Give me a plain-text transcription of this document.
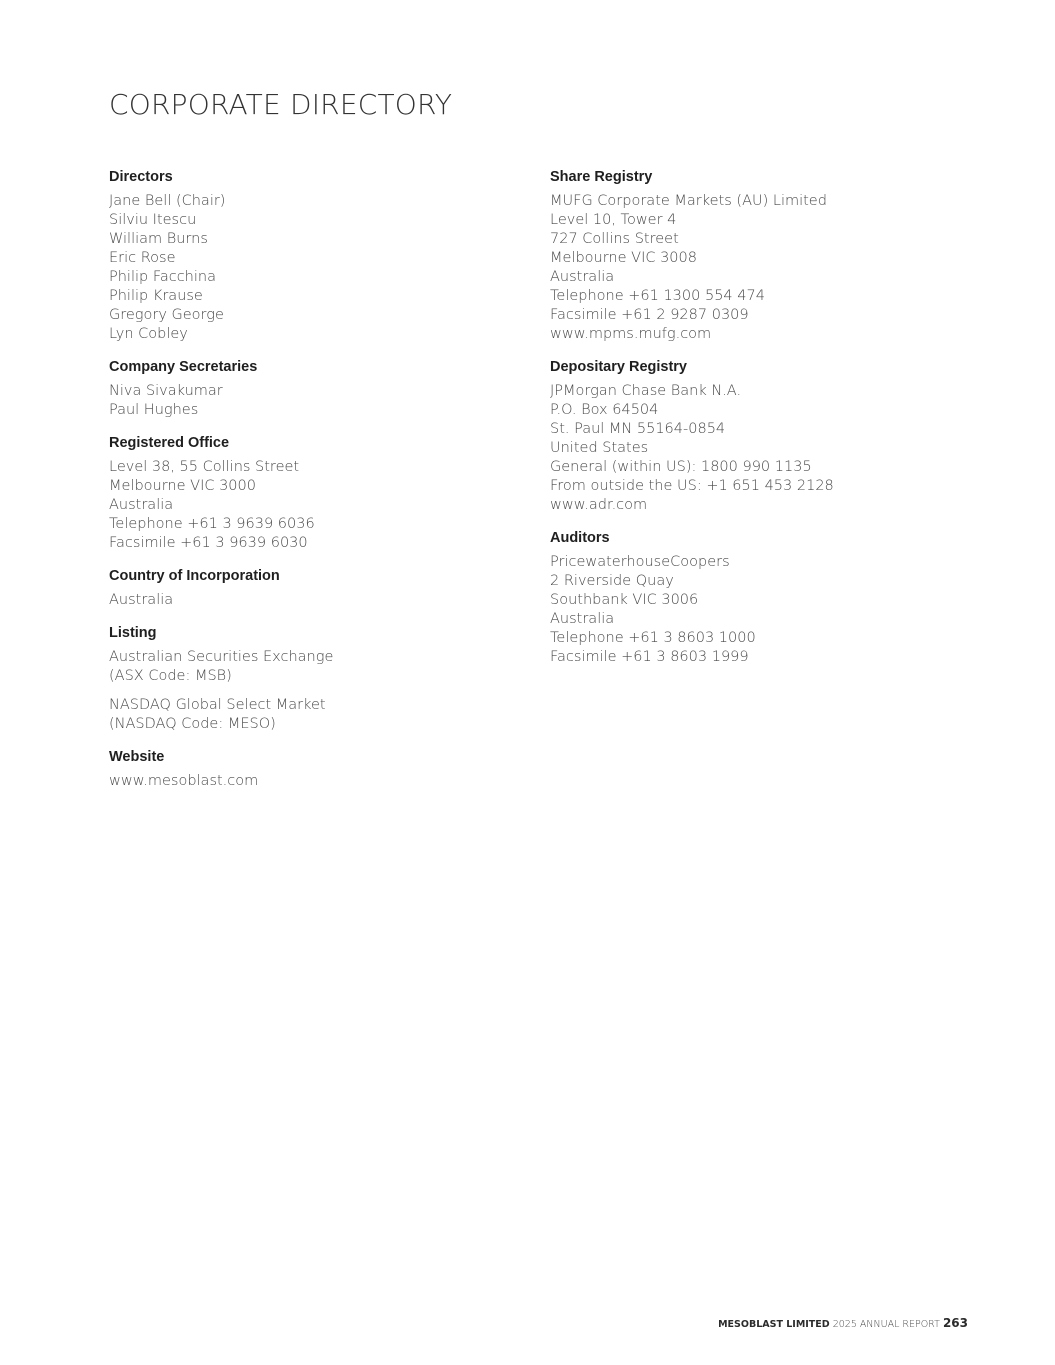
CORPORATE DIRECTORY
Directors
Jane Bell (Chair)
Silviu Itescu
William Burns
Eric Rose
Philip Facchina
Philip Krause
Gregory George
Lyn Cobley
Company Secretaries
Niva Sivakumar
Paul Hughes
Registered Office
Level 38, 55 Collins Street
Melbourne VIC 3000
Australia
Telephone +61 3 9639 6036
Facsimile +61 3 9639 6030
Country of Incorporation
Australia
Listing
Australian Securities Exchange
(ASX Code: MSB)
NASDAQ Global Select Market
(NASDAQ Code: MESO)
Website
www.mesoblast.com
Share Registry
MUFG Corporate Markets (AU) Limited
Level 10, Tower 4
727 Collins Street
Melbourne VIC 3008
Australia
Telephone +61 1300 554 474
Facsimile +61 2 9287 0309
www.mpms.mufg.com
Depositary Registry
JPMorgan Chase Bank N.A.
P.O. Box 64504
St. Paul MN 55164-0854
United States
General (within US): 1800 990 1135
From outside the US: +1 651 453 2128
www.adr.com
Auditors
PricewaterhouseCoopers
2 Riverside Quay
Southbank VIC 3006
Australia
Telephone +61 3 8603 1000
Facsimile +61 3 8603 1999
MESOBLAST LIMITED 2025 ANNUAL REPORT 263
